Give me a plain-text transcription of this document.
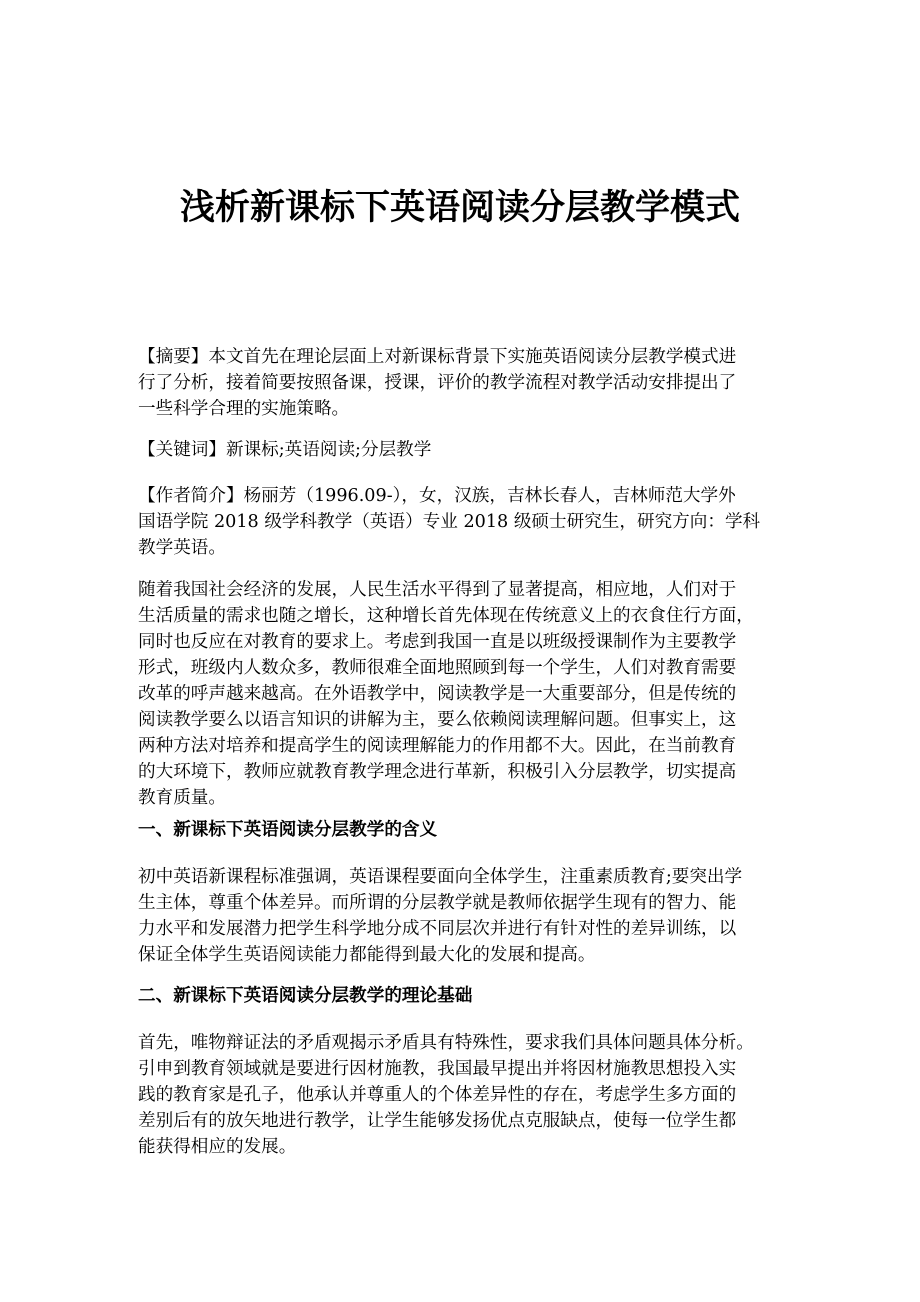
浅析新课标下英语阅读分层教学模式
【摘要】本文首先在理论层面上对新课标背景下实施英语阅读分层教学模式进
行了分析，接着简要按照备课，授课，评价的教学流程对教学活动安排提出了
一些科学合理的实施策略。
【关键词】新课标;英语阅读;分层教学
【作者简介】杨丽芳（1996.09-），女，汉族，吉林长春人，吉林师范大学外
国语学院 2018 级学科教学（英语）专业 2018 级硕士研究生，研究方向：学科
教学英语。
随着我国社会经济的发展，人民生活水平得到了显著提高，相应地，人们对于
生活质量的需求也随之增长，这种增长首先体现在传统意义上的衣食住行方面，
同时也反应在对教育的要求上。考虑到我国一直是以班级授课制作为主要教学
形式，班级内人数众多，教师很难全面地照顾到每一个学生，人们对教育需要
改革的呼声越来越高。在外语教学中，阅读教学是一大重要部分，但是传统的
阅读教学要么以语言知识的讲解为主，要么依赖阅读理解问题。但事实上，这
两种方法对培养和提高学生的阅读理解能力的作用都不大。因此，在当前教育
的大环境下，教师应就教育教学理念进行革新，积极引入分层教学，切实提高
教育质量。
一、新课标下英语阅读分层教学的含义
初中英语新课程标准强调，英语课程要面向全体学生，注重素质教育;要突出学
生主体，尊重个体差异。而所谓的分层教学就是教师依据学生现有的智力、能
力水平和发展潜力把学生科学地分成不同层次并进行有针对性的差异训练，以
保证全体学生英语阅读能力都能得到最大化的发展和提高。
二、新课标下英语阅读分层教学的理论基础
首先，唯物辩证法的矛盾观揭示矛盾具有特殊性，要求我们具体问题具体分析。
引申到教育领域就是要进行因材施教，我国最早提出并将因材施教思想投入实
践的教育家是孔子，他承认并尊重人的个体差异性的存在，考虑学生多方面的
差别后有的放矢地进行教学，让学生能够发扬优点克服缺点，使每一位学生都
能获得相应的发展。
